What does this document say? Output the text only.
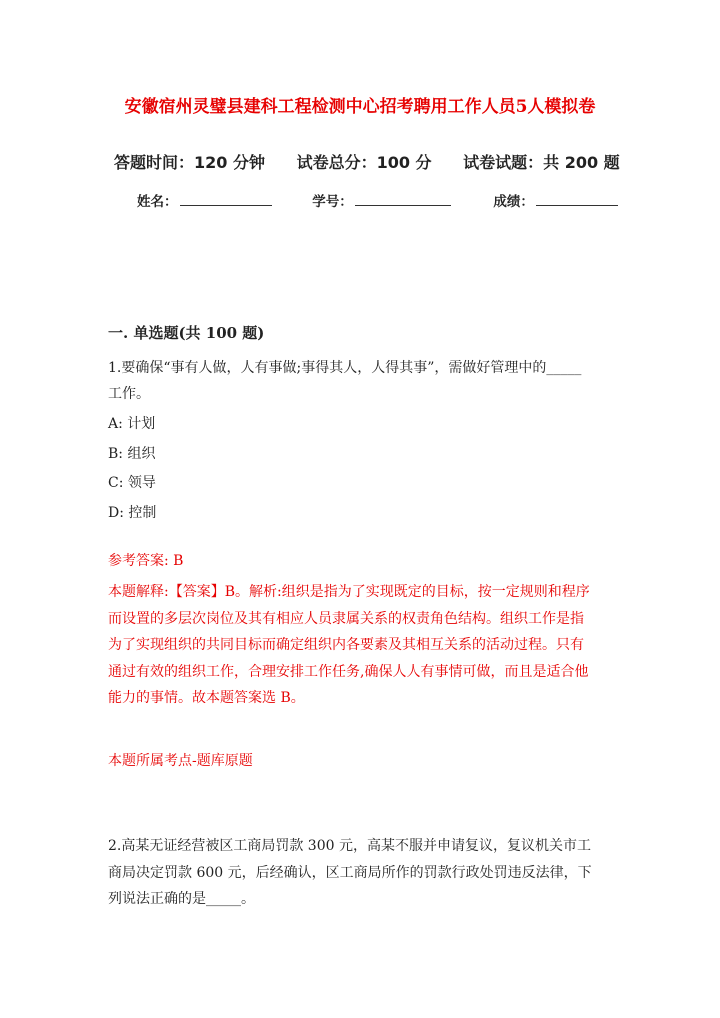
安徽宿州灵璧县建科工程检测中心招考聘用工作人员5人模拟卷
答题时间：120 分钟 试卷总分：100 分 试卷试题：共 200 题
姓名：	学号：	成绩：
一. 单选题(共 100 题)
1.要确保“事有人做，人有事做;事得其人，人得其事”，需做好管理中的_____
工作。
A: 计划
B: 组织
C: 领导
D: 控制
参考答案: B
本题解释:【答案】B。解析:组织是指为了实现既定的目标，按一定规则和程序
而设置的多层次岗位及其有相应人员隶属关系的权责角色结构。组织工作是指
为了实现组织的共同目标而确定组织内各要素及其相互关系的活动过程。只有
通过有效的组织工作，合理安排工作任务,确保人人有事情可做，而且是适合他
能力的事情。故本题答案选 B。
本题所属考点-题库原题
2.高某无证经营被区工商局罚款 300 元，高某不服并申请复议，复议机关市工
商局决定罚款 600 元，后经确认，区工商局所作的罚款行政处罚违反法律，下
列说法正确的是_____。
